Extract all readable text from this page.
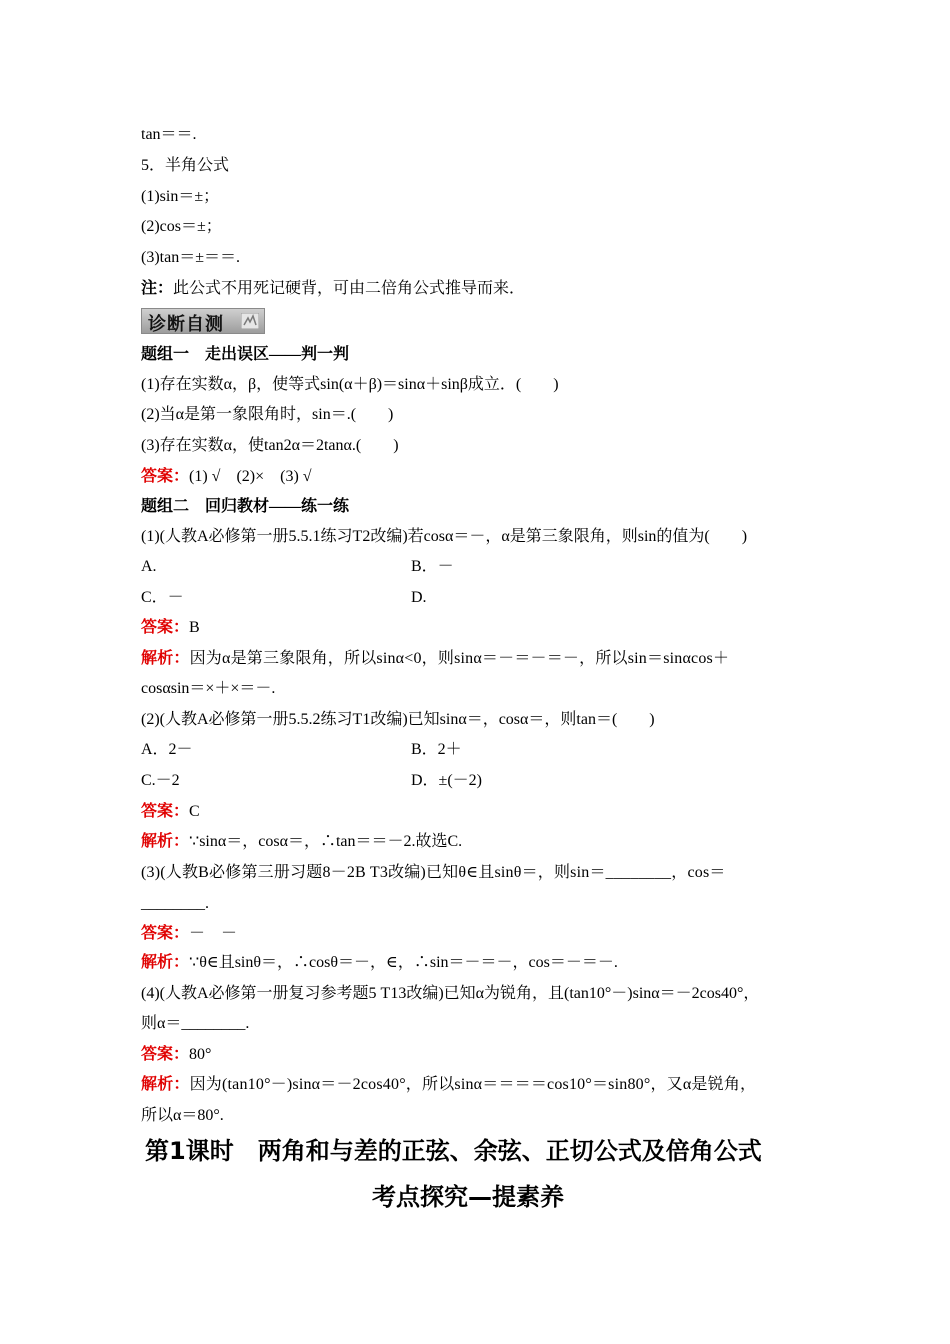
tan＝＝.
5．半角公式
(1)sin＝±；
(2)cos＝±；
(3)tan＝±＝＝.
注：此公式不用死记硬背，可由二倍角公式推导而来．
诊断自测
题组一　走出误区——判一判
(1)存在实数α，β，使等式sin(α＋β)＝sinα＋sinβ成立．(　　)
(2)当α是第一象限角时，sin＝.(　　)
(3)存在实数α，使tan2α＝2tanα.(　　)
答案：(1) √　(2)×　(3) √
题组二　回归教材——练一练
(1)(人教A必修第一册5.5.1练习T2改编)若cosα＝－，α是第三象限角，则sin的值为(　　)
A.	B．－
C．－	D.
答案：B
解析：因为α是第三象限角，所以sinα<0，则sinα＝－＝－＝－，所以sin＝sinαcos＋
cosαsin＝×＋×＝－.
(2)(人教A必修第一册5.5.2练习T1改编)已知sinα＝，cosα＝，则tan＝(　　)
A．2－	B．2＋
C.－2	D．±(－2)
答案：C
解析：∵sinα＝，cosα＝，∴tan＝＝－2.故选C.
(3)(人教B必修第三册习题8－2B T3改编)已知θ∈且sinθ＝，则sin＝________，cos＝
________.
答案：－　－
解析：∵θ∈且sinθ＝，∴cosθ＝－，∈，∴sin＝－＝－，cos＝－＝－.
(4)(人教A必修第一册复习参考题5 T13改编)已知α为锐角，且(tan10°－)sinα＝－2cos40°，
则α＝________.
答案：80°
解析：因为(tan10°－)sinα＝－2cos40°，所以sinα＝＝＝＝cos10°＝sin80°，又α是锐角，
所以α＝80°.
第1课时　两角和与差的正弦、余弦、正切公式及倍角公式
考点探究—提素养
